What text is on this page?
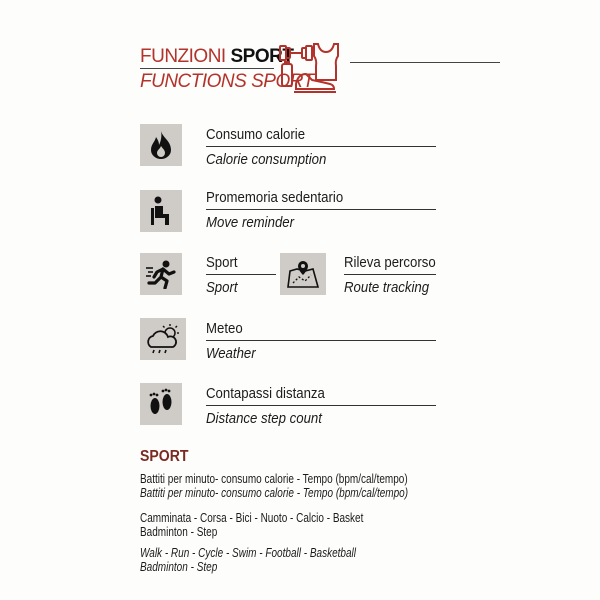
FUNZIONI SPORT
FUNCTIONS SPORT
Consumo calorie
Calorie consumption
Promemoria sedentario
Move reminder
Sport
Sport
Rileva percorso
Route tracking
Meteo
Weather
Contapassi distanza
Distance step count
SPORT
Battiti per minuto- consumo calorie - Tempo (bpm/cal/tempo)
Battiti per minuto- consumo calorie - Tempo (bpm/cal/tempo)
Camminata - Corsa - Bici - Nuoto - Calcio - Basket
Badminton - Step
Walk - Run - Cycle - Swim - Football - Basketball
Badminton - Step
